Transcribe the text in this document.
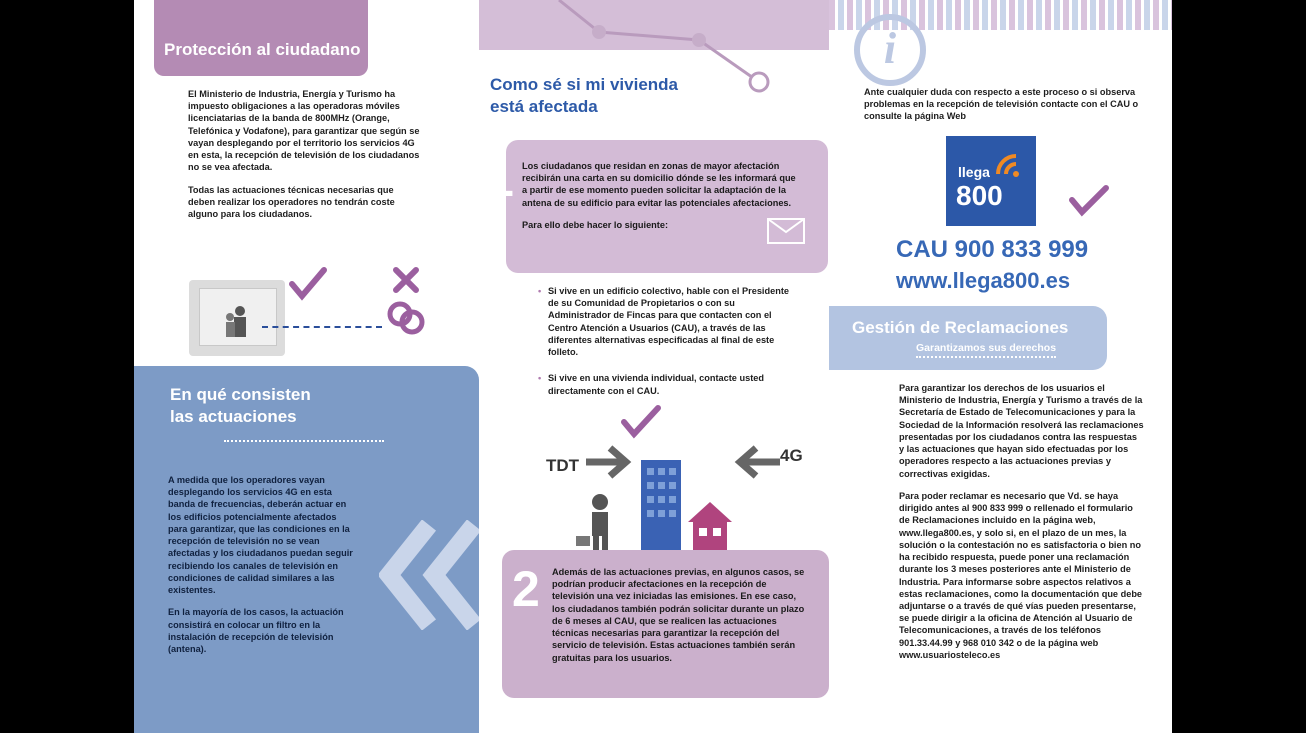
Protección al ciudadano

El Ministerio de Industria, Energía y Turismo ha impuesto obligaciones a las operadoras móviles licenciatarias de la banda de 800MHz (Orange, Telefónica y Vodafone), para garantizar que según se vayan desplegando por el territorio los servicios 4G en esta, la recepción de televisión de los ciudadanos no se vea afectada.

Todas las actuaciones técnicas necesarias que deben realizar los operadores no tendrán coste alguno para los ciudadanos.

En qué consisten
las actuaciones

A medida que los operadores vayan desplegando los servicios 4G en esta banda de frecuencias, deberán actuar en los edificios potencialmente afectados para garantizar, que las condiciones en la recepción de televisión no se vean afectadas y los ciudadanos puedan seguir recibiendo los canales de televisión en condiciones de calidad similares a las existentes.

En la mayoría de los casos, la actuación consistirá en colocar un filtro en la instalación de recepción de televisión (antena).

Como sé si mi vivienda
está afectada
1 Los ciudadanos que residan en zonas de mayor afectación recibirán una carta en su domicilio dónde se les informará que a partir de ese momento pueden solicitar la adaptación de la antena de su edificio para evitar las potenciales afectaciones.

Para ello debe hacer lo siguiente:

• Si vive en un edificio colectivo, hable con el Presidente de su Comunidad de Propietarios o con su Administrador de Fincas para que contacten con el Centro Atención a Usuarios (CAU), a través de las diferentes alternativas especificadas al final de este folleto.
• Si vive en una vivienda individual, contacte usted directamente con el CAU.
TDT
4G
2 Además de las actuaciones previas, en algunos casos, se podrían producir afectaciones en la recepción de televisión una vez iniciadas las emisiones. En ese caso, los ciudadanos también podrán solicitar durante un plazo de 6 meses al CAU, que se realicen las actuaciones técnicas necesarias para garantizar la recepción del servicio de televisión. Estas actuaciones también serán gratuitas para los usuarios.
i
Ante cualquier duda con respecto a este proceso o si observa problemas en la recepción de televisión contacte con el CAU o consulte la página Web
llega
800
CAU 900 833 999
www.llega800.es
Gestión de Reclamaciones
Garantizamos sus derechos

Para garantizar los derechos de los usuarios el Ministerio de Industria, Energía y Turismo a través de la Secretaría de Estado de Telecomunicaciones y para la Sociedad de la Información resolverá las reclamaciones presentadas por los ciudadanos contra las respuestas y las actuaciones que hayan sido efectuadas por los operadores respecto a las actuaciones previas y correctivas exigidas.

Para poder reclamar es necesario que Vd. se haya dirigido antes al 900 833 999 o rellenado el formulario de Reclamaciones incluido en la página web, www.llega800.es, y solo si, en el plazo de un mes, la solución o la contestación no es satisfactoria o bien no ha recibido respuesta, puede poner una reclamación durante los 3 meses posteriores ante el Ministerio de Industria. Para informarse sobre aspectos relativos a estas reclamaciones, como la documentación que debe adjuntarse o a través de qué vías pueden presentarse, se puede dirigir a la oficina de Atención al Usuario de Telecomunicaciones, a través de los teléfonos 901.33.44.99 y 968 010 342 o de la página web www.usuariosteleco.es
